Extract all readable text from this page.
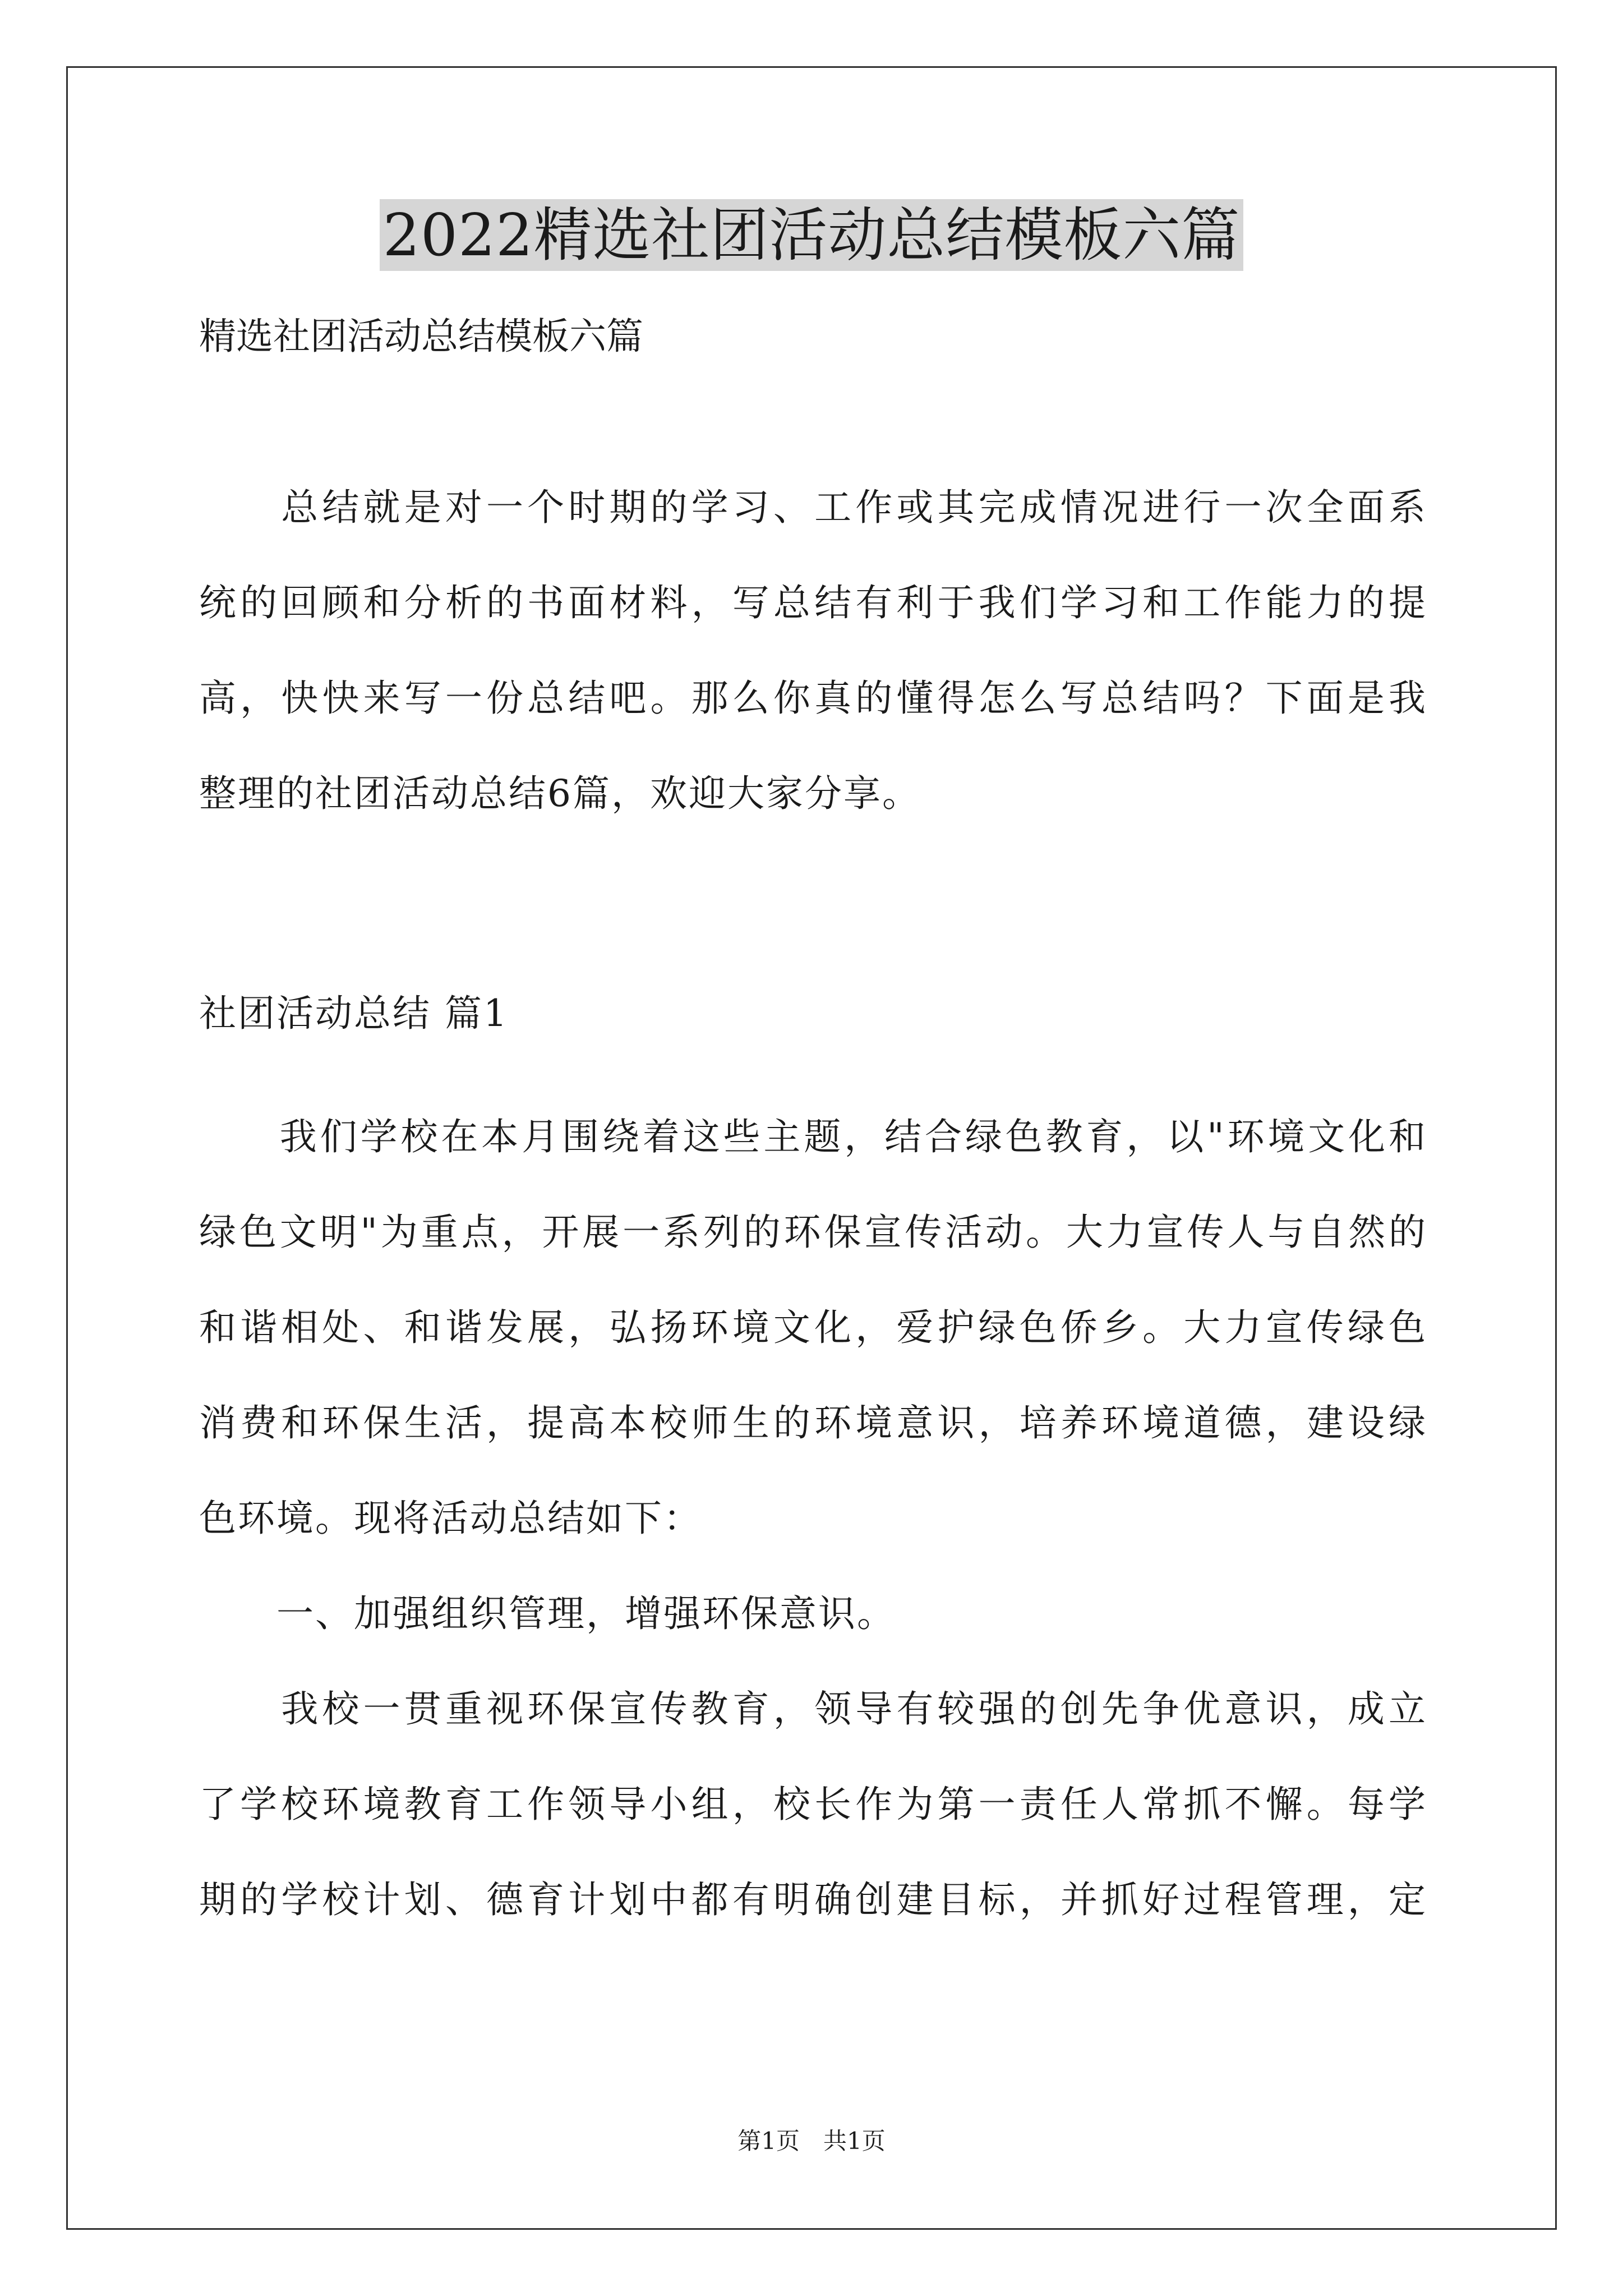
2022精选社团活动总结模板六篇
精选社团活动总结模板六篇
　　总结就是对一个时期的学习、工作或其完成情况进行一次全面系
统的回顾和分析的书面材料，写总结有利于我们学习和工作能力的提
高，快快来写一份总结吧。那么你真的懂得怎么写总结吗？下面是我
整理的社团活动总结6篇，欢迎大家分享。
社团活动总结 篇1
　　我们学校在本月围绕着这些主题，结合绿色教育，以"环境文化和
绿色文明"为重点，开展一系列的环保宣传活动。大力宣传人与自然的
和谐相处、和谐发展，弘扬环境文化，爱护绿色侨乡。大力宣传绿色
消费和环保生活，提高本校师生的环境意识，培养环境道德，建设绿
色环境。现将活动总结如下：
　　一、加强组织管理，增强环保意识。
　　我校一贯重视环保宣传教育，领导有较强的创先争优意识，成立
了学校环境教育工作领导小组，校长作为第一责任人常抓不懈。每学
期的学校计划、德育计划中都有明确创建目标，并抓好过程管理，定
第1页　共1页
